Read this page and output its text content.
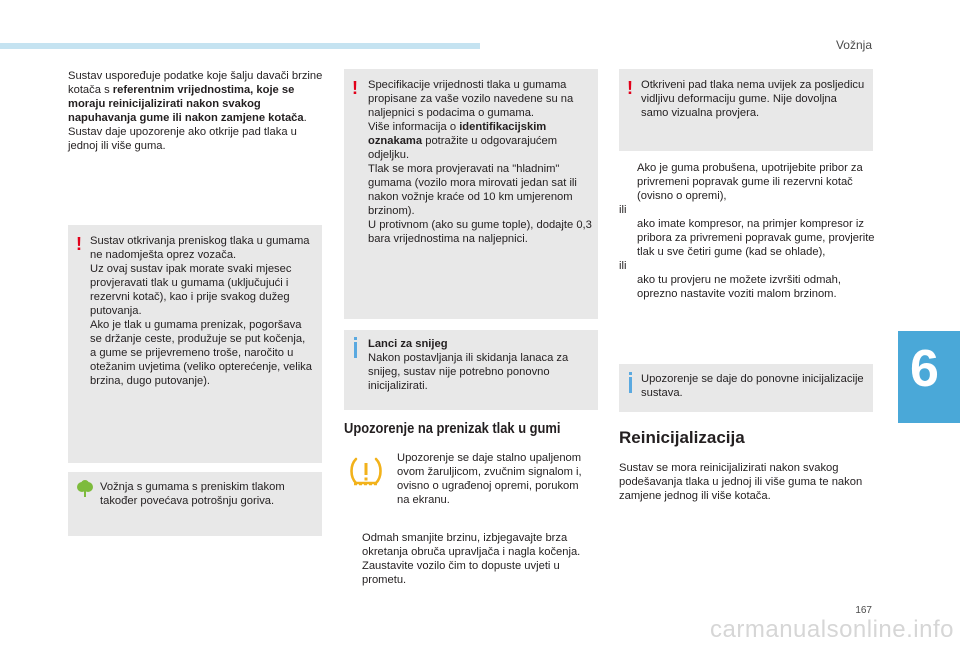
Vožnja

Sustav uspoređuje podatke koje šalju davači brzine kotača s referentnim vrijednostima, koje se moraju reinicijalizirati nakon svakog napuhavanja gume ili nakon zamjene kotača.

Sustav daje upozorenje ako otkrije pad tlaka u jednoj ili više guma.

! Sustav otkrivanja preniskog tlaka u gumama ne nadomješta oprez vozača.

Uz ovaj sustav ipak morate svaki mjesec provjeravati tlak u gumama (uključujući i rezervni kotač), kao i prije svakog dužeg putovanja.

Ako je tlak u gumama prenizak, pogoršava se držanje ceste, produžuje se put kočenja, a gume se prijevremeno troše, naročito u otežanim uvjetima (veliko opterećenje, velika brzina, dugo putovanje).

Vožnja s gumama s preniskim tlakom također povećava potrošnju goriva.

! Specifikacije vrijednosti tlaka u gumama propisane za vaše vozilo navedene su na naljepnici s podacima o gumama.

Više informacija o identifikacijskim oznakama potražite u odgovarajućem odjeljku.

Tlak se mora provjeravati na "hladnim" gumama (vozilo mora mirovati jedan sat ili nakon vožnje kraće od 10 km umjerenom brzinom).

U protivnom (ako su gume tople), dodajte 0,3 bara vrijednostima na naljepnici.

Lanci za snijeg

Nakon postavljanja ili skidanja lanaca za snijeg, sustav nije potrebno ponovno inicijalizirati.

Upozorenje na prenizak tlak u gumi
Upozorenje se daje stalno upaljenom ovom žaruljicom, zvučnim signalom i, ovisno o ugrađenoj opremi, porukom na ekranu.

Odmah smanjite brzinu, izbjegavajte brza okretanja obruča upravljača i nagla kočenja.

Zaustavite vozilo čim to dopuste uvjeti u prometu.

! Otkriveni pad tlaka nema uvijek za posljedicu vidljivu deformaciju gume. Nije dovoljna samo vizualna provjera.

Ako je guma probušena, upotrijebite pribor za privremeni popravak gume ili rezervni kotač (ovisno o opremi),

ili

ako imate kompresor, na primjer kompresor iz pribora za privremeni popravak gume, provjerite tlak u sve četiri gume (kad se ohlade),

ili

ako tu provjeru ne možete izvršiti odmah, oprezno nastavite voziti malom brzinom.

Upozorenje se daje do ponovne inicijalizacije sustava.

Reinicijalizacija
Sustav se mora reinicijalizirati nakon svakog podešavanja tlaka u jednoj ili više guma te nakon zamjene jednog ili više kotača.
6
167
carmanualsonline.info
